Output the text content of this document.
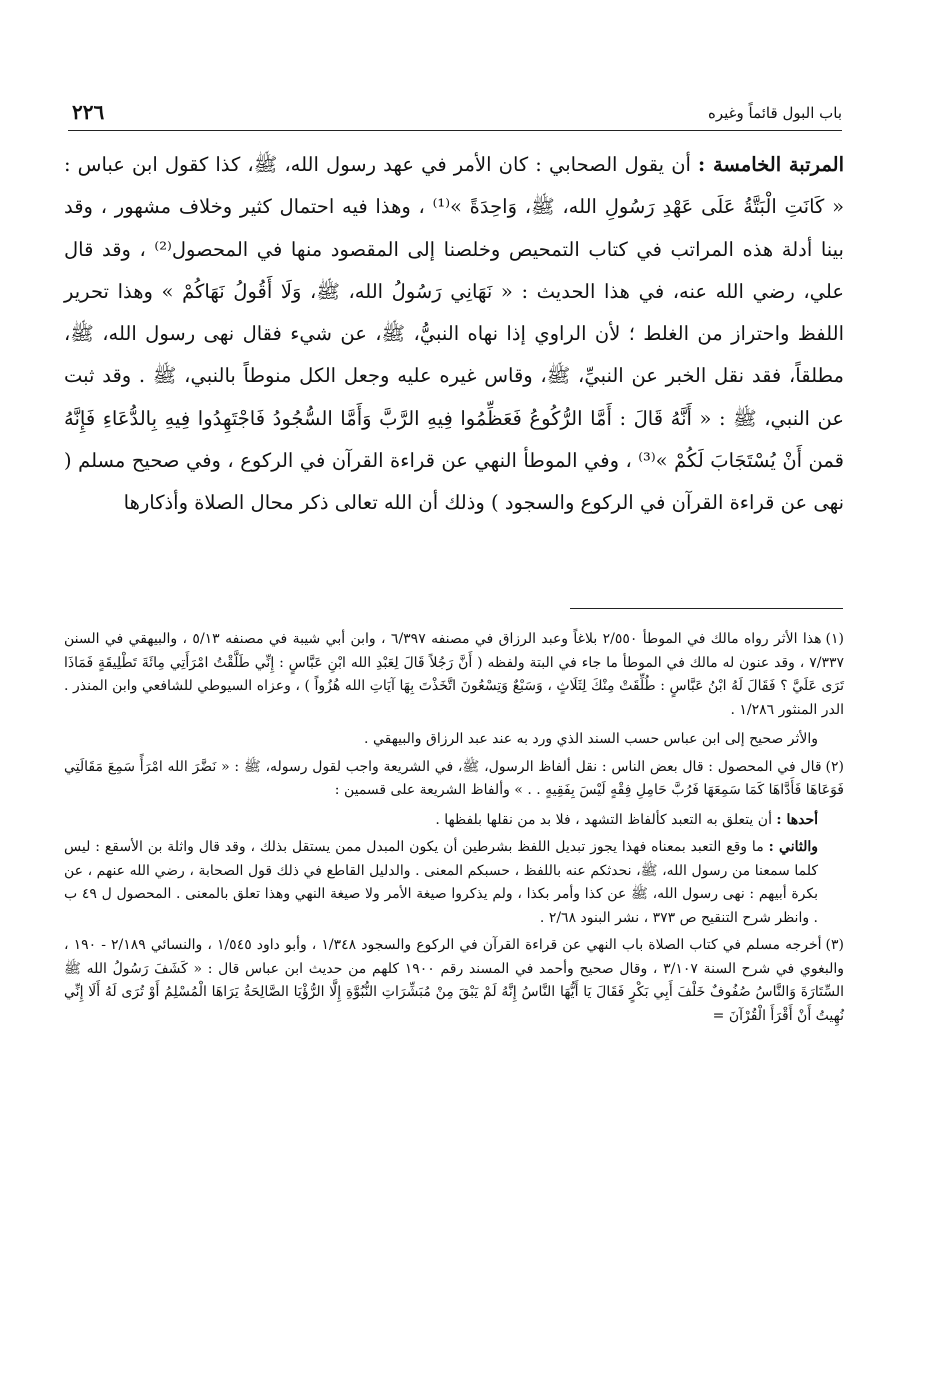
باب البول قائماً وغيره
٢٢٦
المرتبة الخامسة : أن يقول الصحابي : كان الأمر في عهد رسول الله، ﷺ، كذا كقول ابن عباس : « كَانَتِ الْبَتَّةُ عَلَى عَهْدِ رَسُولِ الله، ﷺ، وَاحِدَةً »⁽¹⁾ ، وهذا فيه احتمال كثير وخلاف مشهور ، وقد بينا أدلة هذه المراتب في كتاب التمحيص وخلصنا إلى المقصود منها في المحصول⁽²⁾ ، وقد قال علي، رضي الله عنه، في هذا الحديث : « نَهَانِي رَسُولُ الله، ﷺ، وَلَا أَقُولُ نَهَاكُمْ » وهذا تحرير اللفظ واحتراز من الغلط ؛ لأن الراوي إذا نهاه النبيُّ، ﷺ، عن شيء فقال نهى رسول الله، ﷺ، مطلقاً، فقد نقل الخبر عن النبيِّ، ﷺ، وقاس غيره عليه وجعل الكل منوطاً بالنبي، ﷺ . وقد ثبت عن النبي، ﷺ : « أَنَّهُ قَالَ : أَمَّا الرُّكُوعُ فَعَظِّمُوا فِيهِ الرَّبَّ وَأَمَّا السُّجُودُ فَاجْتَهِدُوا فِيهِ بِالدُّعَاءِ فَإِنَّهُ قمن أَنْ يُسْتَجَابَ لَكُمْ »⁽³⁾ ، وفي الموطأ النهي عن قراءة القرآن في الركوع ، وفي صحيح مسلم ( نهى عن قراءة القرآن في الركوع والسجود ) وذلك أن الله تعالى ذكر محال الصلاة وأذكارها
(١)هذا الأثر رواه مالك في الموطأ ٢/٥٥٠ بلاغاً وعبد الرزاق في مصنفه ٦/٣٩٧ ، وابن أبي شيبة في مصنفه ٥/١٣ ، والبيهقي في السنن ٧/٣٣٧ ، وقد عنون له مالك في الموطأ ما جاء في البتة ولفظه ( أَنَّ رَجُلاً قَالَ لِعَبْدِ الله ابْنِ عَبَّاسٍ : إِنِّي طَلَّقْتُ امْرَأَتِي مِائَةَ تَطْلِيقَةٍ فَمَاذَا تَرَى عَلَيَّ ؟ فَقَالَ لَهُ ابْنُ عَبَّاسٍ : طُلِّقَتْ مِنْكَ لِثَلَاثٍ ، وَسَبْعٌ وَتِسْعُونَ اتَّخَذْتَ بِهَا آيَاتِ الله هُزُواً ) ، وعزاه السيوطي للشافعي وابن المنذر . الدر المنثور ١/٢٨٦ .
والأثر صحيح إلى ابن عباس حسب السند الذي ورد به عند عبد الرزاق والبيهقي .
(٢)قال في المحصول : قال بعض الناس : نقل ألفاظ الرسول، ﷺ، في الشريعة واجب لقول رسوله، ﷺ : « نَضَّرَ الله امْرَأً سَمِعَ مَقَالَتِي فَوَعَاهَا فَأَدَّاهَا كَمَا سَمِعَهَا فَرُبَّ حَامِلِ فِقْهٍ لَيْسَ بِفَقِيهٍ . . » وألفاظ الشريعة على قسمين :
أحدها : أن يتعلق به التعبد كألفاظ التشهد ، فلا بد من نقلها بلفظها .
والثاني : ما وقع التعبد بمعناه فهذا يجوز تبديل اللفظ بشرطين أن يكون المبدل ممن يستقل بذلك ، وقد قال واثلة بن الأسقع : ليس كلما سمعنا من رسول الله، ﷺ، نحدثكم عنه باللفظ ، حسبكم المعنى . والدليل القاطع في ذلك قول الصحابة ، رضي الله عنهم ، عن بكرة أبيهم : نهى رسول الله، ﷺ عن كذا وأمر بكذا ، ولم يذكروا صيغة الأمر ولا صيغة النهي وهذا تعلق بالمعنى . المحصول ل ٤٩ ب . وانظر شرح التنقيح ص ٣٧٣ ، نشر البنود ٢/٦٨ .
(٣)أخرجه مسلم في كتاب الصلاة باب النهي عن قراءة القرآن في الركوع والسجود ١/٣٤٨ ، وأبو داود ١/٥٤٥ ، والنسائي ٢/١٨٩ - ١٩٠ ، والبغوي في شرح السنة ٣/١٠٧ ، وقال صحيح وأحمد في المسند رقم ١٩٠٠ كلهم من حديث ابن عباس قال : « كَشَفَ رَسُولُ الله ﷺ السِّتَارَةَ وَالنَّاسُ صُفُوفٌ خَلْفَ أَبِي بَكْرٍ فَقَالَ يَا أَيُّهَا النَّاسُ إِنَّهُ لَمْ يَبْقَ مِنْ مُبَشِّرَاتِ النُّبُوَّةِ إِلَّا الرُّؤْيَا الصَّالِحَةُ يَرَاهَا الْمُسْلِمُ أَوْ تُرَى لَهُ أَلَا إِنِّي نُهِيتُ أَنْ أَقْرَأَ الْقُرْآنَ =
